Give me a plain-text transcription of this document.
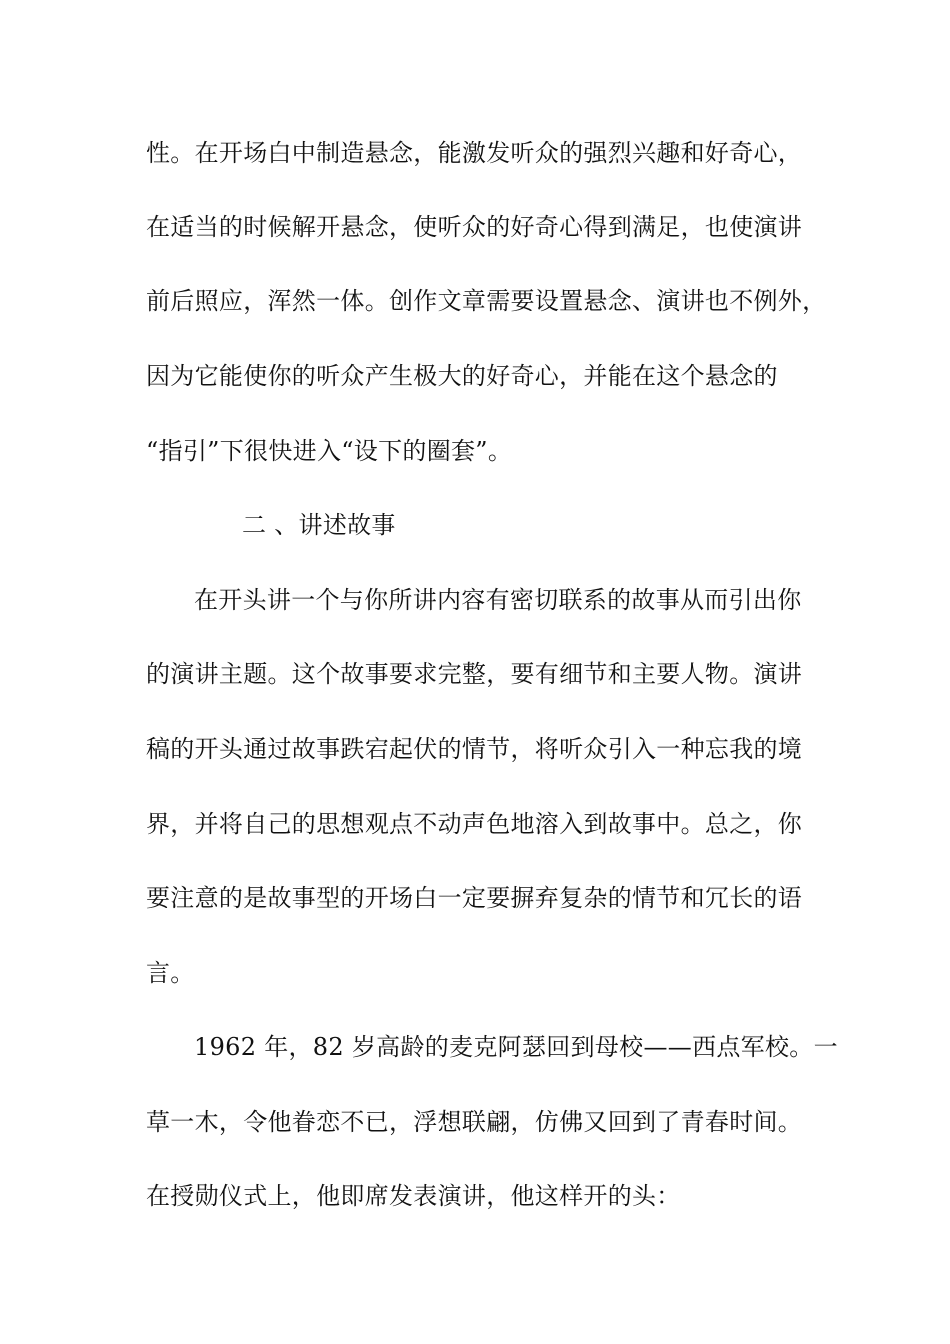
性。在开场白中制造悬念，能激发听众的强烈兴趣和好奇心，
在适当的时候解开悬念，使听众的好奇心得到满足，也使演讲
前后照应，浑然一体。创作文章需要设置悬念、演讲也不例外，
因为它能使你的听众产生极大的好奇心，并能在这个悬念的
“指引”下很快进入“设下的圈套”。
二 、讲述故事
在开头讲一个与你所讲内容有密切联系的故事从而引出你
的演讲主题。这个故事要求完整，要有细节和主要人物。演讲
稿的开头通过故事跌宕起伏的情节，将听众引入一种忘我的境
界，并将自己的思想观点不动声色地溶入到故事中。总之，你
要注意的是故事型的开场白一定要摒弃复杂的情节和冗长的语
言。
1962 年，82 岁高龄的麦克阿瑟回到母校——西点军校。一
草一木，令他眷恋不已，浮想联翩，仿佛又回到了青春时间。
在授勋仪式上，他即席发表演讲，他这样开的头：
